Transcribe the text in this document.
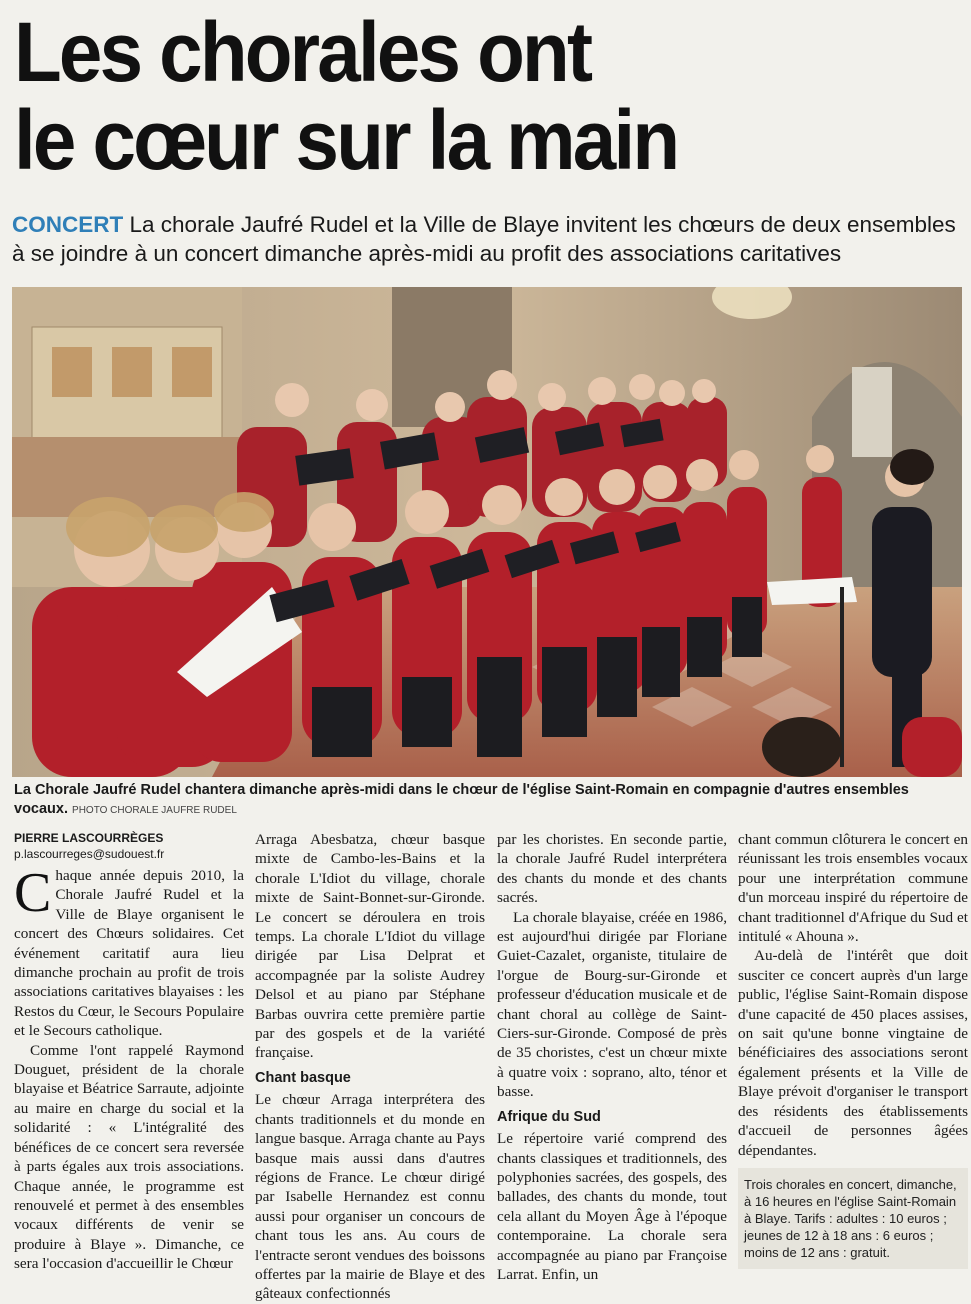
Les chorales ont
le cœur sur la main
CONCERT La chorale Jaufré Rudel et la Ville de Blaye invitent les chœurs de deux ensembles à se joindre à un concert dimanche après-midi au profit des associations caritatives
La Chorale Jaufré Rudel chantera dimanche après-midi dans le chœur de l'église Saint-Romain en compagnie d'autres ensembles vocaux. PHOTO CHORALE JAUFRE RUDEL
PIERRE LASCOURRÈGES
p.lascourreges@sudouest.fr

Chaque année depuis 2010, la Chorale Jaufré Rudel et la Ville de Blaye organisent le concert des Chœurs solidaires. Cet événement caritatif aura lieu dimanche prochain au profit de trois associations caritatives blayaises : les Restos du Cœur, le Secours Populaire et le Secours catholique.

Comme l'ont rappelé Raymond Douguet, président de la chorale blayaise et Béatrice Sarraute, adjointe au maire en charge du social et la solidarité : « L'intégralité des bénéfices de ce concert sera reversée à parts égales aux trois associations. Chaque année, le programme est renouvelé et permet à des ensembles vocaux différents de venir se produire à Blaye ». Dimanche, ce sera l'occasion d'accueillir le Chœur

Arraga Abesbatza, chœur basque mixte de Cambo-les-Bains et la chorale L'Idiot du village, chorale mixte de Saint-Bonnet-sur-Gironde. Le concert se déroulera en trois temps. La chorale L'Idiot du village dirigée par Lisa Delprat et accompagnée par la soliste Audrey Delsol et au piano par Stéphane Barbas ouvrira cette première partie par des gospels et de la variété française.

Chant basque

Le chœur Arraga interprétera des chants traditionnels et du monde en langue basque. Arraga chante au Pays basque mais aussi dans d'autres régions de France. Le chœur dirigé par Isabelle Hernandez est connu aussi pour organiser un concours de chant tous les ans. Au cours de l'entracte seront vendues des boissons offertes par la mairie de Blaye et des gâteaux confectionnés

par les choristes. En seconde partie, la chorale Jaufré Rudel interprétera des chants du monde et des chants sacrés.

La chorale blayaise, créée en 1986, est aujourd'hui dirigée par Floriane Guiet-Cazalet, organiste, titulaire de l'orgue de Bourg-sur-Gironde et professeur d'éducation musicale et de chant choral au collège de Saint-Ciers-sur-Gironde. Composé de près de 35 choristes, c'est un chœur mixte à quatre voix : soprano, alto, ténor et basse.

Afrique du Sud

Le répertoire varié comprend des chants classiques et traditionnels, des polyphonies sacrées, des gospels, des ballades, des chants du monde, tout cela allant du Moyen Âge à l'époque contemporaine. La chorale sera accompagnée au piano par Françoise Larrat. Enfin, un

chant commun clôturera le concert en réunissant les trois ensembles vocaux pour une interprétation commune d'un morceau inspiré du répertoire de chant traditionnel d'Afrique du Sud et intitulé « Ahouna ».

Au-delà de l'intérêt que doit susciter ce concert auprès d'un large public, l'église Saint-Romain dispose d'une capacité de 450 places assises, on sait qu'une bonne vingtaine de bénéficiaires des associations seront également présents et la Ville de Blaye prévoit d'organiser le transport des résidents des établissements d'accueil de personnes âgées dépendantes.

Trois chorales en concert, dimanche, à 16 heures en l'église Saint-Romain à Blaye. Tarifs : adultes : 10 euros ; jeunes de 12 à 18 ans : 6 euros ; moins de 12 ans : gratuit.
